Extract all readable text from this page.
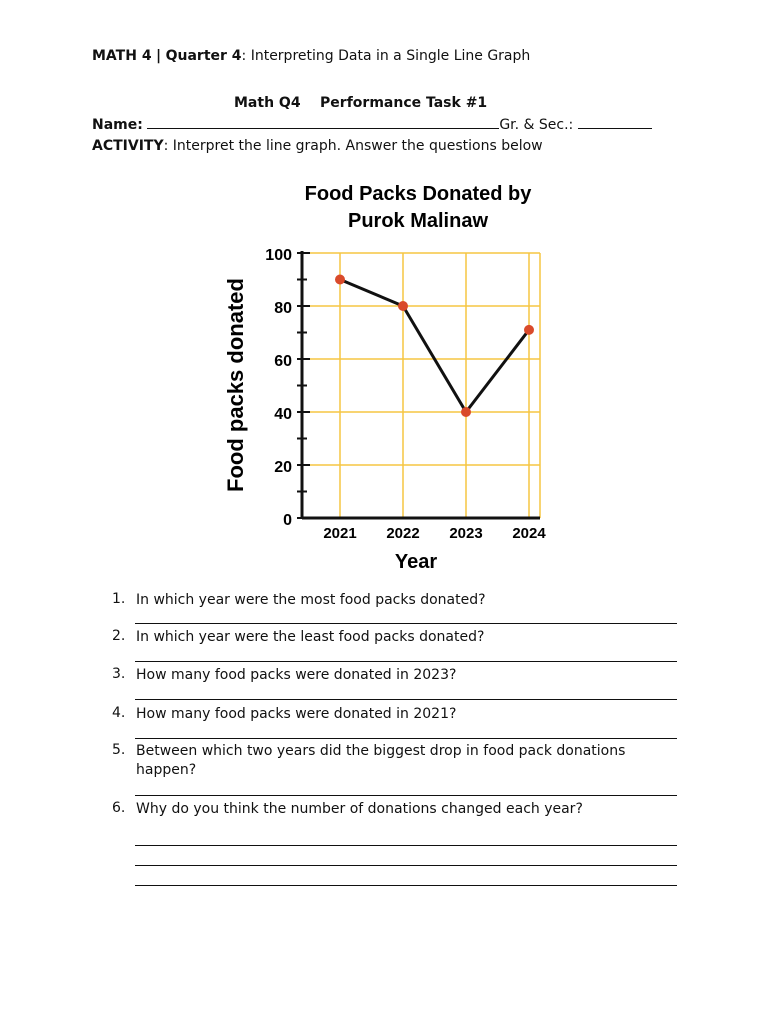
MATH 4 | Quarter 4: Interpreting Data in a Single Line Graph
Math Q4    Performance Task #1
Name:	Gr. & Sec.:
ACTIVITY: Interpret the line graph. Answer the questions below
Food Packs Donated by
Purok Malinaw
Food packs donated
Year
0
20
40
60
80
100
2021 2022 2023 2024
1. In which year were the most food packs donated?
2. In which year were the least food packs donated?
3. How many food packs were donated in 2023?
4. How many food packs were donated in 2021?
5. Between which two years did the biggest drop in food pack donations happen?
6. Why do you think the number of donations changed each year?
